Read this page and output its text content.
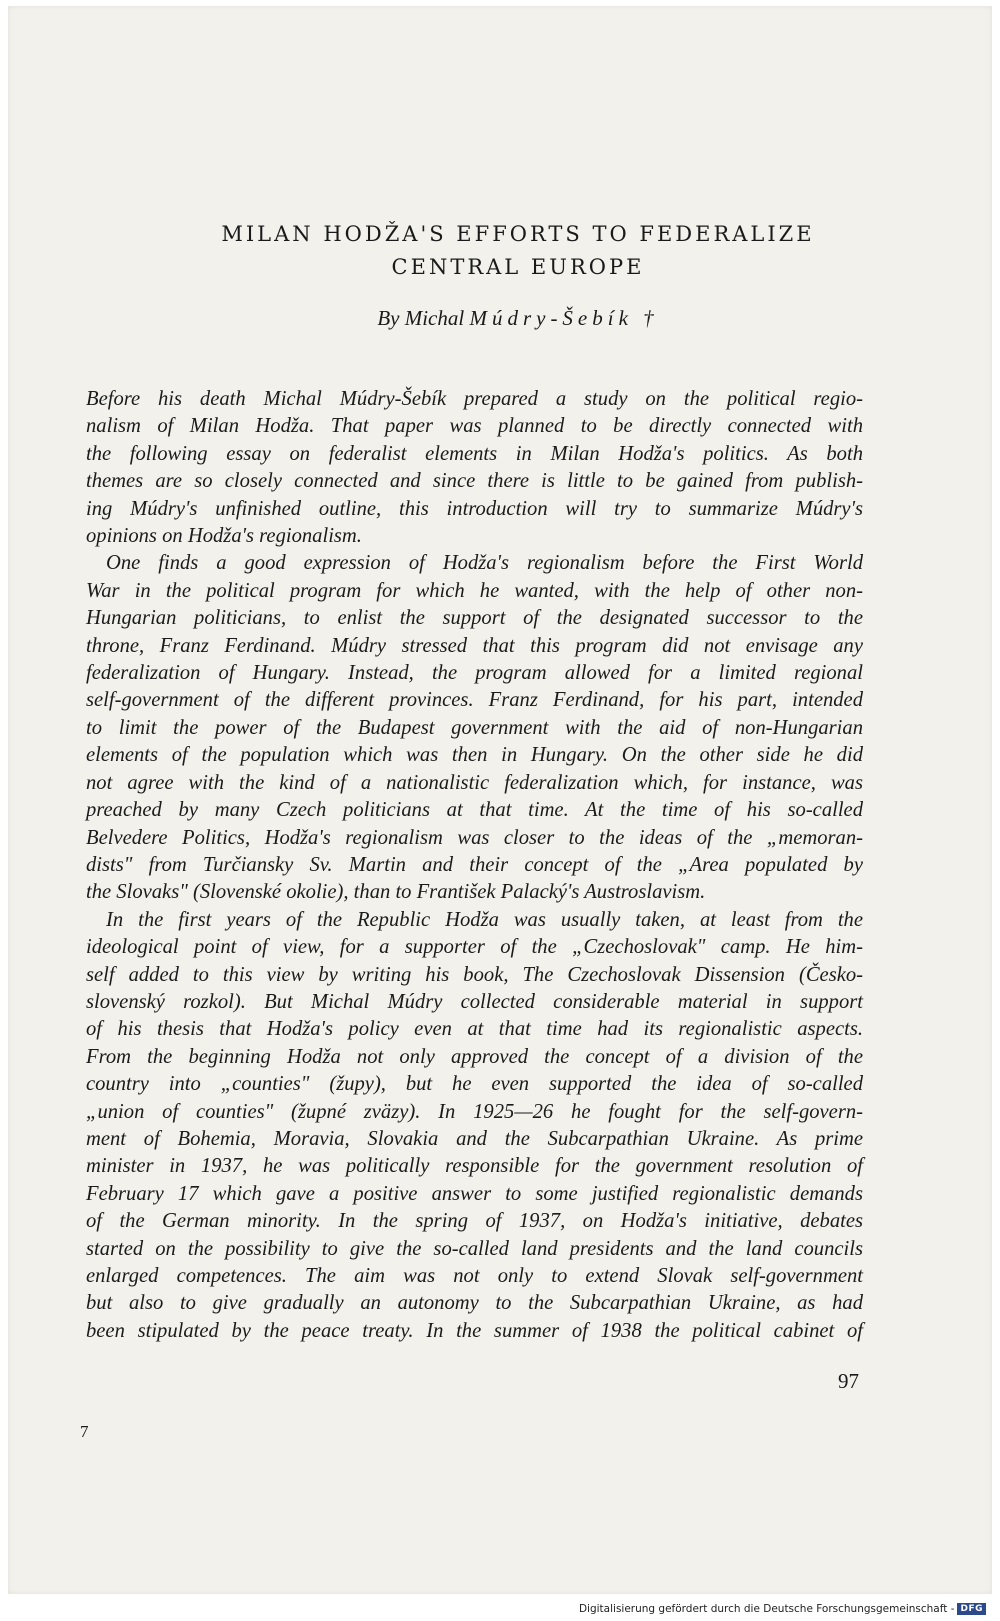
MILAN HODŽA'S EFFORTS TO FEDERALIZE
CENTRAL EUROPE
By Michal Múdry-Šebík †
Before his death Michal Múdry-Šebík prepared a study on the political regio-
nalism of Milan Hodža. That paper was planned to be directly connected with
the following essay on federalist elements in Milan Hodža's politics. As both
themes are so closely connected and since there is little to be gained from publish-
ing Múdry's unfinished outline, this introduction will try to summarize Múdry's
opinions on Hodža's regionalism.
One finds a good expression of Hodža's regionalism before the First World
War in the political program for which he wanted, with the help of other non-
Hungarian politicians, to enlist the support of the designated successor to the
throne, Franz Ferdinand. Múdry stressed that this program did not envisage any
federalization of Hungary. Instead, the program allowed for a limited regional
self-government of the different provinces. Franz Ferdinand, for his part, intended
to limit the power of the Budapest government with the aid of non-Hungarian
elements of the population which was then in Hungary. On the other side he did
not agree with the kind of a nationalistic federalization which, for instance, was
preached by many Czech politicians at that time. At the time of his so-called
Belvedere Politics, Hodža's regionalism was closer to the ideas of the „memoran-
dists" from Turčiansky Sv. Martin and their concept of the „Area populated by
the Slovaks" (Slovenské okolie), than to František Palacký's Austroslavism.
In the first years of the Republic Hodža was usually taken, at least from the
ideological point of view, for a supporter of the „Czechoslovak" camp. He him-
self added to this view by writing his book, The Czechoslovak Dissension (Česko-
slovenský rozkol). But Michal Múdry collected considerable material in support
of his thesis that Hodža's policy even at that time had its regionalistic aspects.
From the beginning Hodža not only approved the concept of a division of the
country into „counties" (župy), but he even supported the idea of so-called
„union of counties" (župné zväzy). In 1925—26 he fought for the self-govern-
ment of Bohemia, Moravia, Slovakia and the Subcarpathian Ukraine. As prime
minister in 1937, he was politically responsible for the government resolution of
February 17 which gave a positive answer to some justified regionalistic demands
of the German minority. In the spring of 1937, on Hodža's initiative, debates
started on the possibility to give the so-called land presidents and the land councils
enlarged competences. The aim was not only to extend Slovak self-government
but also to give gradually an autonomy to the Subcarpathian Ukraine, as had
been stipulated by the peace treaty. In the summer of 1938 the political cabinet of
97
7
Digitalisierung gefördert durch die Deutsche Forschungsgemeinschaft - DFG
